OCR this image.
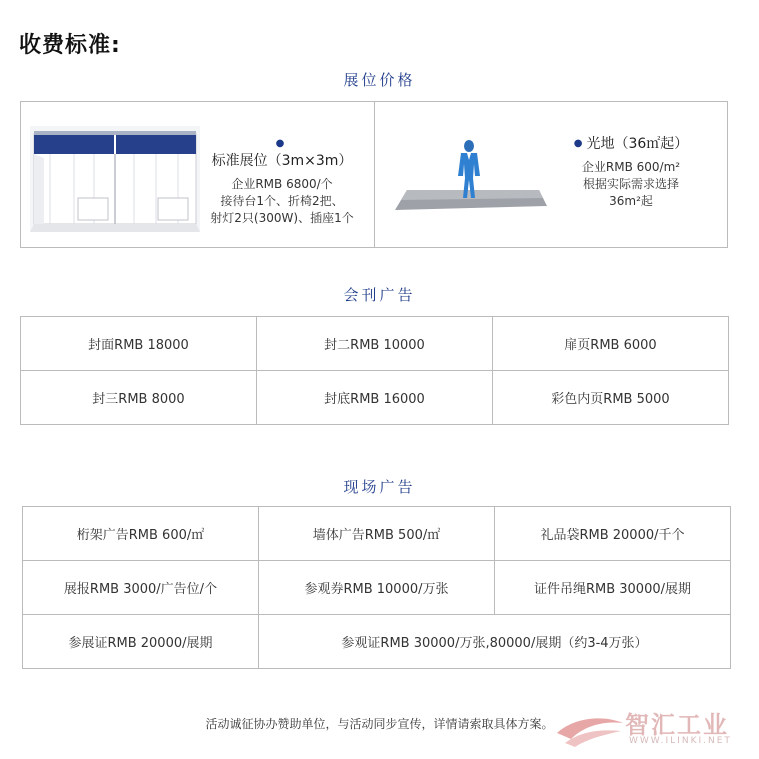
收费标准:
展位价格
●标准展位（3m×3m）
企业RMB 6800/个
接待台1个、折椅2把、
射灯2只(300W)、插座1个
● 光地（36㎡起）
企业RMB 600/m²
根据实际需求选择
36m²起
会刊广告
封面RMB 18000	封二RMB 10000	扉页RMB 6000
封三RMB 8000	封底RMB 16000	彩色内页RMB 5000
现场广告
桁架广告RMB 600/㎡	墙体广告RMB 500/㎡	礼品袋RMB 20000/千个
展报RMB 3000/广告位/个	参观券RMB 10000/万张	证件吊绳RMB 30000/展期
参展证RMB 20000/展期	参观证RMB 30000/万张,80000/展期（约3-4万张）	
活动诚征协办赞助单位，与活动同步宣传，详情请索取具体方案。	智汇工业
WWW.ILINKI.NET
